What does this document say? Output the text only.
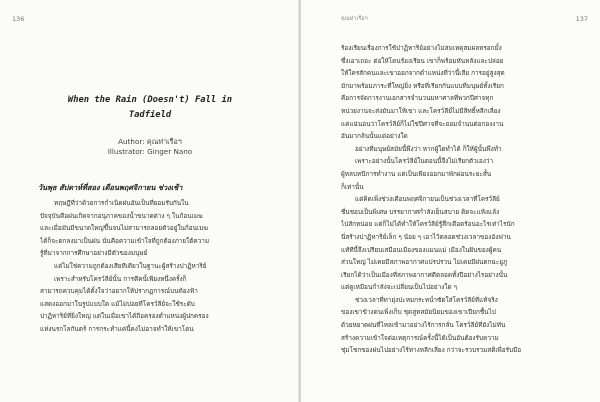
136
When the Rain (Doesn't) Fall in
Tadfield
Author: คุณท่าเรือฯ
Illustrator: Ginger Nano
วันพุธ สัปดาห์ที่สอง เดือนพฤศจิกายน ช่วงเช้า
ทฤษฎีที่ว่าด้วยการกำเนิดฝนอันเป็นที่ยอมรับกันใน
ปัจจุบันคือฝนเกิดจากอนุภาคของน้ำขนาดต่าง ๆ ในก้อนเมฆ
และเมื่อมันมีขนาดใหญ่ขึ้นจนไม่สามารถลอยตัวอยู่ในก้อนเมฆ
ได้ก็จะตกลงมาเป็นฝน นั่นคือความเข้าใจที่ถูกต้องภายใต้ความ
รู้ที่มาจากการศึกษาอย่างมีตัวของมนุษย์
แต่ไม่ใช่ความถูกต้องเสียทีเดียวในฐานะผู้สร้างปาฏิหาริย์
เพราะสำหรับโครว์ลีย์นั้น การตีคนั้เพียงหนึ่งครั้งก็
สามารถควบคุมได้ตั้งใจว่าอยากให้ปรากฏการณ์บนท้องฟ้า
แสดงออกมาในรูปแบบใด แม้ไม่บ่อยที่โครว์ลีย์จะใช้ระดับ
ปาฏิหาริย์ที่ยิ่งใหญ่ แต่ในเมื่อเขาได้ถือครองตำแหน่งผู้ปกครอง
แห่งนรกโลกันตร์ การกระทำแค่นี้คงไม่อาจทำให้เขาโดน
คุณท่าเรือฯ	137
ร้องเรียนเรื่องการใช้ปาฏิหาริย์อย่างไม่สมเหตุสมผลหรอกมั้ง
ซึ่งเอาเถอะ ต่อให้โดนร้องเรียน เขาก็พร้อมหันหลังและปล่อย
ให้ใครสักคนและเขาออกจากตำแหน่งที่ว่านี้เสีย การอยู่สูงสุด
มักมาพร้อมภาระที่ใหญ่ยิ่ง หรือที่เรียกกันแบบที่มนุษย์ทั้งเรียก
คือการจัดการงานเอกสารจำนวนมหาศาลที่พวกปีศาจทุก
หน่วยงานจะส่งมันมาให้เขา และโครว์ลีย์ไม่มีสิทธิ์หลีกเลี่ยง
แค่แฉ่นอนว่าโครว์ลีย์ก็ไม่ใช่ปีศาจที่จะยอมจำนนต่อกองงาน
อันมากล้นนั้นแต่อย่างใด
อย่างที่มนุษย์สมัยนี้พึงว่า หากผู้ใดทำได้ ก็ให้ผู้นั้นพึงทำ
เพราะอย่างนั้นโครว์ลีย์ในตอนนี้จึงไม่เรียกตัวเองว่า
ผู้หลบหนีการทำงาน แต่เป็นเพียงออกมาพักผ่อนระยะสั้น
ก็เท่านั้น
แต่คิดเพิ่งช่วงเดือนพฤศจิกายนเป็นช่วงเวลาที่โครว์ลีย์
ชื่นชอบเป็นพิเศษ บรรยากาศกำลังเย็นสบาย ติดจะแห้งแล้ง
ไปสักหน่อย แต่ก็ไม่ได้ทำให้โครว์ลีย์รู้สึกเดือดร้อนอะไรเท่าไรนัก
นี่สร้างปาฏิหาริย์เล็ก ๆ น้อย ๆ เอาไว้ตลอดช่วงเวลาของอังฟาน
แท้ทีนี้จึงเปรียบเสมือนเมืองของแมนแม่ เมืองในฝันของผู้คน
ส่วนใหญ่ ไม่เคยมีสภาพอากาศแปรปรวน ไม่เคยมีฝนตกฉะยูภู
เรียกได้ว่าเป็นเมืองที่สภาพอากาศดีตลอดทั้งปีอย่างไรอย่างนั้น
แต่ดูเหมือนกำลังจะเปลี่ยนเป็นไปอย่างใด ๆ
ช่วงเวลาที่ทายุ่งปะหมกระหน่ำซัดใส่โครว์ลีย์ที่แท้จริง
ของเขาข้างตนเพิ่งเก็บ ชุดสูทสมัยนิยมของเขาเปียกชื้นไป
ด้วยหยาดฝนที่ไหลเข้ามาอย่างไร้การกลั่น โครว์ลีย์ที่ยังไม่ทัน
สร้างความเข้าใจต่อเหตุการณ์ครั้งนี้ได้เป็นอันต้องรับความ
ชุ่มโชกของฝนไปอย่างไร้ทางหลีกเลี่ยง กว่าจะรวบรวมสติเพื่อรับมือ
